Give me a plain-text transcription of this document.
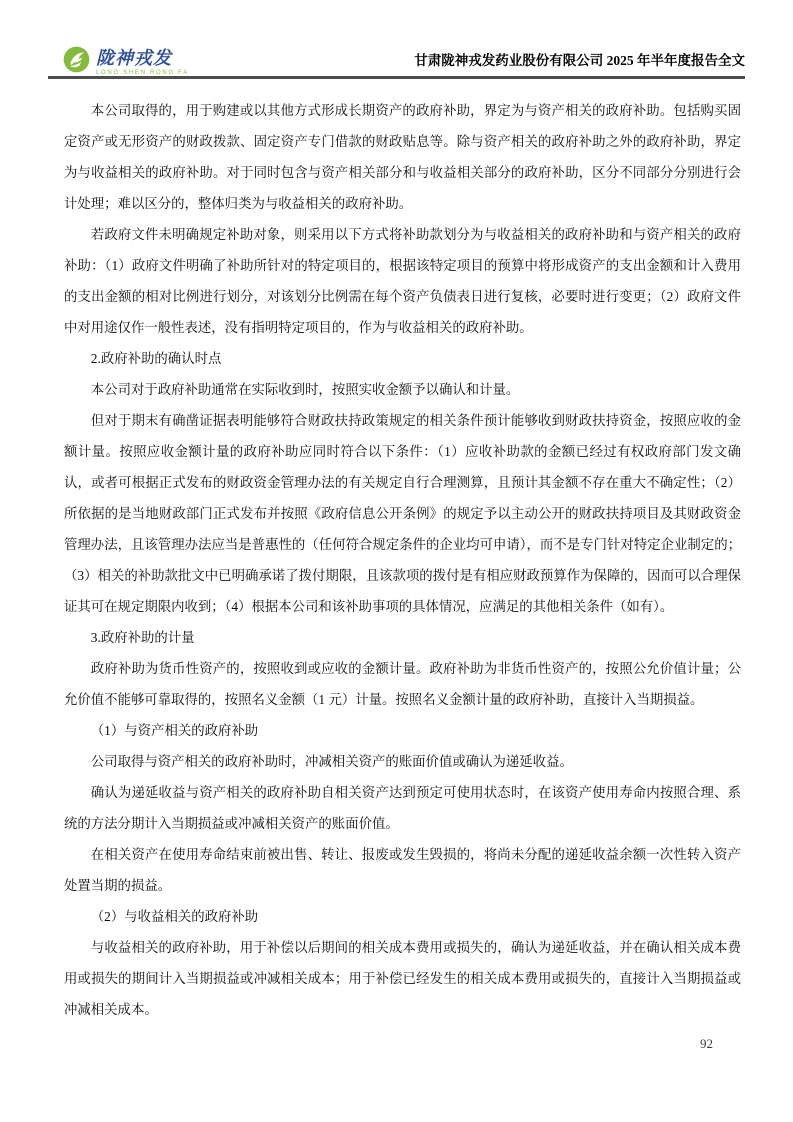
陇神戎发
LONG SHEN RONG FA
甘肃陇神戎发药业股份有限公司 2025 年半年度报告全文

本公司取得的，用于购建或以其他方式形成长期资产的政府补助，界定为与资产相关的政府补助。包括购买固定资产或无形资产的财政拨款、固定资产专门借款的财政贴息等。除与资产相关的政府补助之外的政府补助，界定为与收益相关的政府补助。对于同时包含与资产相关部分和与收益相关部分的政府补助，区分不同部分分别进行会计处理；难以区分的，整体归类为与收益相关的政府补助。

若政府文件未明确规定补助对象，则采用以下方式将补助款划分为与收益相关的政府补助和与资产相关的政府补助：（1）政府文件明确了补助所针对的特定项目的，根据该特定项目的预算中将形成资产的支出金额和计入费用的支出金额的相对比例进行划分，对该划分比例需在每个资产负债表日进行复核，必要时进行变更；（2）政府文件中对用途仅作一般性表述，没有指明特定项目的，作为与收益相关的政府补助。

2.政府补助的确认时点

本公司对于政府补助通常在实际收到时，按照实收金额予以确认和计量。

但对于期末有确凿证据表明能够符合财政扶持政策规定的相关条件预计能够收到财政扶持资金，按照应收的金额计量。按照应收金额计量的政府补助应同时符合以下条件：（1）应收补助款的金额已经过有权政府部门发文确认，或者可根据正式发布的财政资金管理办法的有关规定自行合理测算，且预计其金额不存在重大不确定性；（2）所依据的是当地财政部门正式发布并按照《政府信息公开条例》的规定予以主动公开的财政扶持项目及其财政资金管理办法，且该管理办法应当是普惠性的（任何符合规定条件的企业均可申请），而不是专门针对特定企业制定的；（3）相关的补助款批文中已明确承诺了拨付期限，且该款项的拨付是有相应财政预算作为保障的，因而可以合理保证其可在规定期限内收到；（4）根据本公司和该补助事项的具体情况，应满足的其他相关条件（如有）。

3.政府补助的计量

政府补助为货币性资产的，按照收到或应收的金额计量。政府补助为非货币性资产的，按照公允价值计量；公允价值不能够可靠取得的，按照名义金额（1 元）计量。按照名义金额计量的政府补助，直接计入当期损益。

（1）与资产相关的政府补助

公司取得与资产相关的政府补助时，冲减相关资产的账面价值或确认为递延收益。

确认为递延收益与资产相关的政府补助自相关资产达到预定可使用状态时，在该资产使用寿命内按照合理、系统的方法分期计入当期损益或冲减相关资产的账面价值。

在相关资产在使用寿命结束前被出售、转让、报废或发生毁损的，将尚未分配的递延收益余额一次性转入资产处置当期的损益。

（2）与收益相关的政府补助

与收益相关的政府补助，用于补偿以后期间的相关成本费用或损失的，确认为递延收益，并在确认相关成本费用或损失的期间计入当期损益或冲减相关成本；用于补偿已经发生的相关成本费用或损失的，直接计入当期损益或冲减相关成本。

92
